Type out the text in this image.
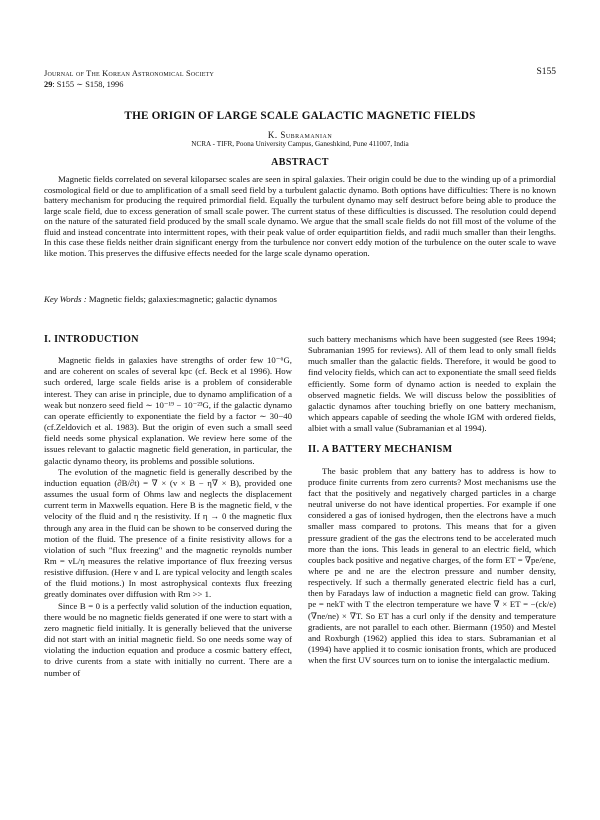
Journal of The Korean Astronomical Society
29: S155 ∼ S158, 1996
S155
THE ORIGIN OF LARGE SCALE GALACTIC MAGNETIC FIELDS
K. Subramanian
NCRA - TIFR, Poona University Campus, Ganeshkind, Pune 411007, India
ABSTRACT

Magnetic fields correlated on several kiloparsec scales are seen in spiral galaxies. Their origin could be due to the winding up of a primordial cosmological field or due to amplification of a small seed field by a turbulent galactic dynamo. Both options have difficulties: There is no known battery mechanism for producing the required primordial field. Equally the turbulent dynamo may self destruct before being able to produce the large scale field, due to excess generation of small scale power. The current status of these difficulties is discussed. The resolution could depend on the nature of the saturated field produced by the small scale dynamo. We argue that the small scale fields do not fill most of the volume of the fluid and instead concentrate into intermittent ropes, with their peak value of order equipartition fields, and radii much smaller than their lengths. In this case these fields neither drain significant energy from the turbulence nor convert eddy motion of the turbulence on the outer scale to wave like motion. This preserves the diffusive effects needed for the large scale dynamo operation.

Key Words : Magnetic fields; galaxies:magnetic; galactic dynamos
I. INTRODUCTION

Magnetic fields in galaxies have strengths of order few 10⁻⁶G, and are coherent on scales of several kpc (cf. Beck et al 1996). How such ordered, large scale fields arise is a problem of considerable interest. They can arise in principle, due to dynamo amplification of a weak but nonzero seed field ∼ 10⁻¹⁹ − 10⁻²³G, if the galactic dynamo can operate efficiently to exponentiate the field by a factor ∼ 30−40 (cf.Zeldovich et al. 1983). But the origin of even such a small seed field needs some physical explanation. We review here some of the issues relevant to galactic magnetic field generation, in particular, the galactic dynamo theory, its problems and possible solutions.

The evolution of the magnetic field is generally described by the induction equation (∂B/∂t) = ∇ × (v × B − η∇ × B), provided one assumes the usual form of Ohms law and neglects the displacement current term in Maxwells equation. Here B is the magnetic field, v the velocity of the fluid and η the resistivity. If η → 0 the magnetic flux through any area in the fluid can be shown to be conserved during the motion of the fluid. The presence of a finite resistivity allows for a violation of such "flux freezing" and the magnetic reynolds number Rm = vL/η measures the relative importance of flux freezing versus resistive diffusion. (Here v and L are typical velocity and length scales of the fluid motions.) In most astrophysical contexts flux freezing greatly dominates over diffusion with Rm >> 1.

Since B = 0 is a perfectly valid solution of the induction equation, there would be no magnetic fields generated if one were to start with a zero magnetic field initially. It is generally believed that the universe did not start with an initial magnetic field. So one needs some way of violating the induction equation and produce a cosmic battery effect, to drive curents from a state with initially no current. There are a number of

such battery mechanisms which have been suggested (see Rees 1994; Subramanian 1995 for reviews). All of them lead to only small fields much smaller than the galactic fields. Therefore, it would be good to find velocity fields, which can act to exponentiate the small seed fields efficiently. Some form of dynamo action is needed to explain the observed magnetic fields. We will discuss below the possiblities of galactic dynamos after touching briefly on one battery mechanism, which appears capable of seeding the whole IGM with ordered fields, albiet with a small value (Subramanian et al 1994).

II. A BATTERY MECHANISM

The basic problem that any battery has to address is how to produce finite currents from zero currents? Most mechanisms use the fact that the positively and negatively charged particles in a charge neutral universe do not have identical properties. For example if one considered a gas of ionised hydrogen, then the electrons have a much smaller mass compared to protons. This means that for a given pressure gradient of the gas the electrons tend to be accelerated much more than the ions. This leads in general to an electric field, which couples back positive and negative charges, of the form ET = ∇pe/ene, where pe and ne are the electron pressure and number density, respectively. If such a thermally generated electric field has a curl, then by Faradays law of induction a magnetic field can grow. Taking pe = nekT with T the electron temperature we have ∇ × ET = −(ck/e)(∇ne/ne) × ∇T. So ET has a curl only if the density and temperature gradients, are not parallel to each other. Biermann (1950) and Mestel and Roxburgh (1962) applied this idea to stars. Subramanian et al (1994) have applied it to cosmic ionisation fronts, which are produced when the first UV sources turn on to ionise the intergalactic medium.
